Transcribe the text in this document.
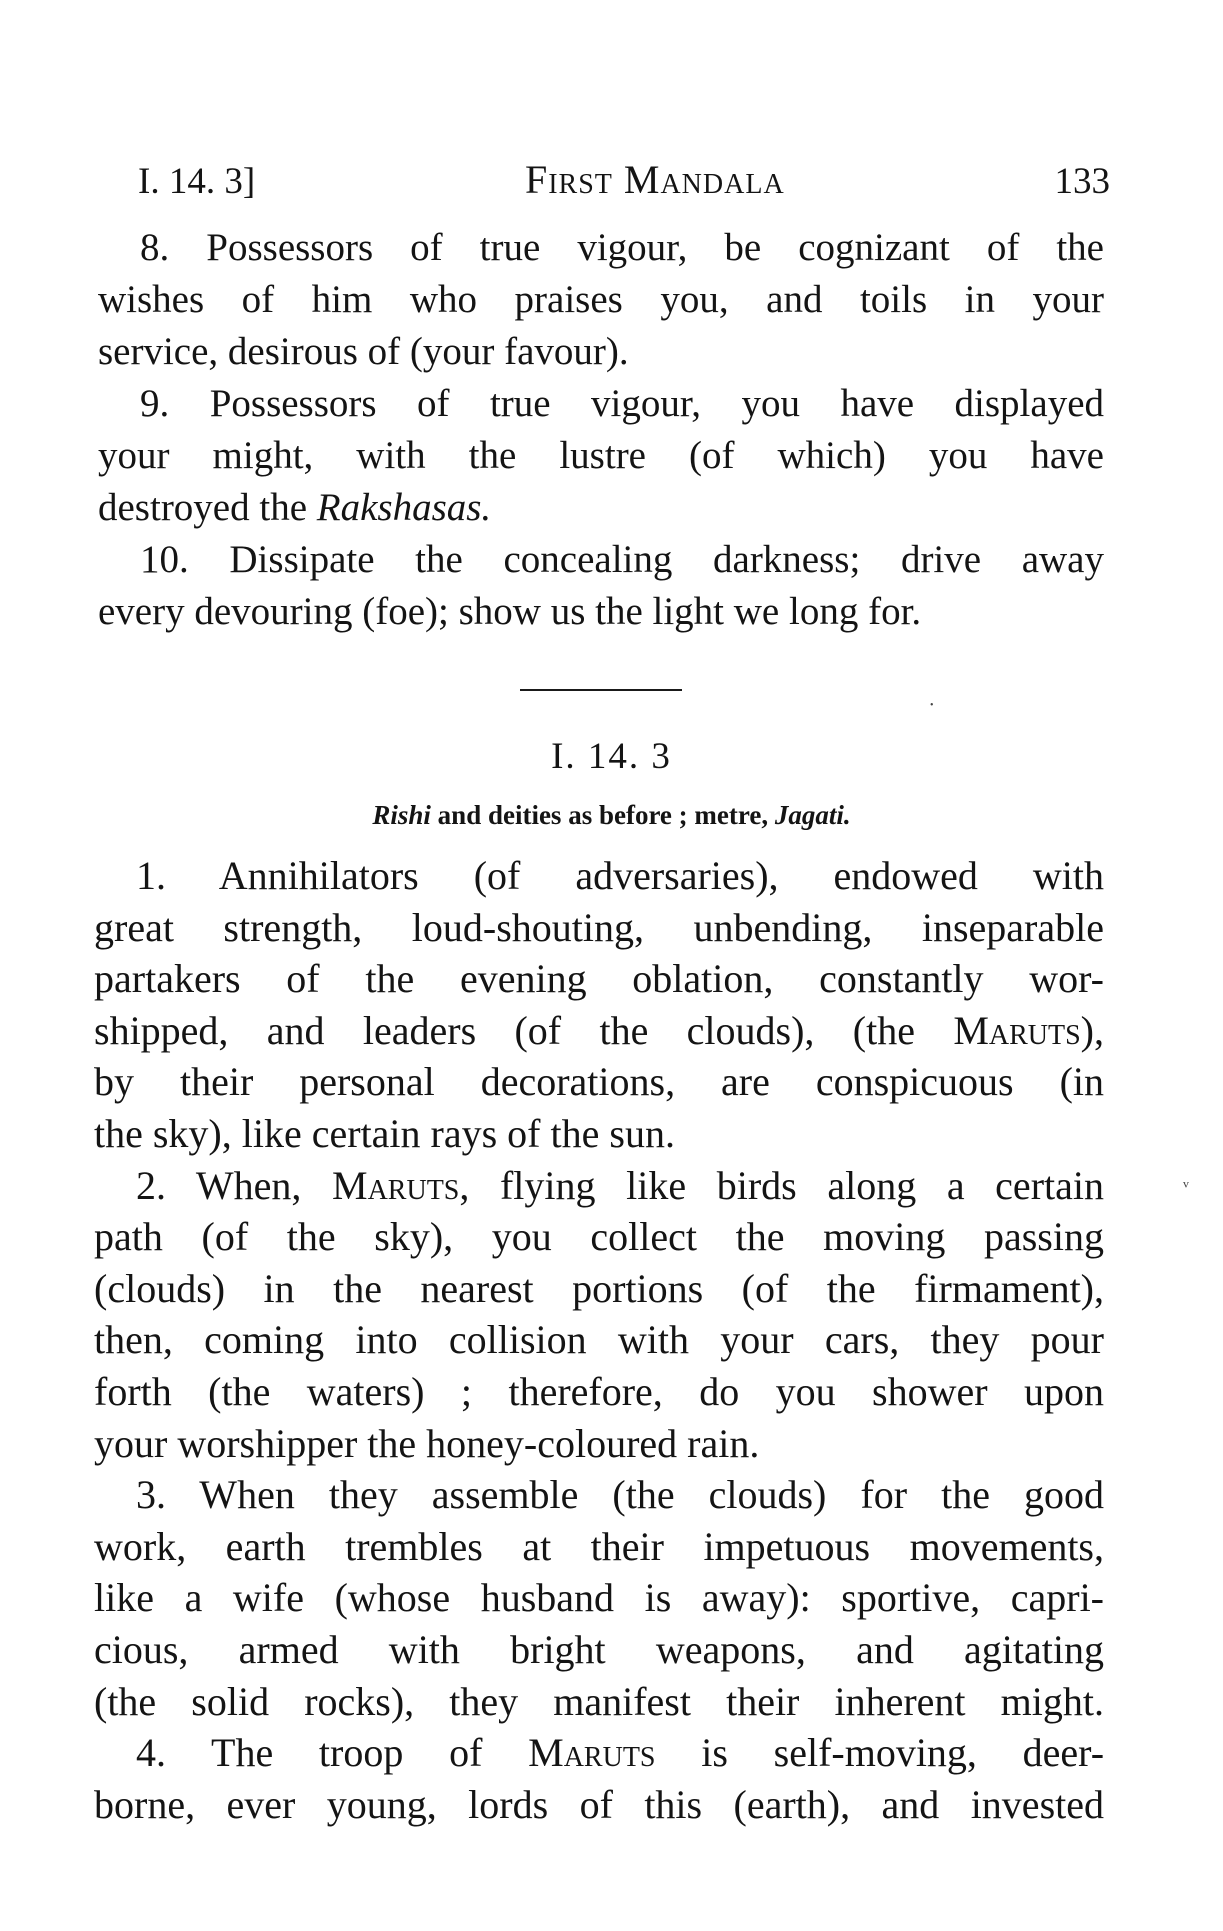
I. 14. 3]	First Mandala	133
8. Possessors of true vigour, be cognizant of the
wishes of him who praises you, and toils in your
service, desirous of (your favour).
9. Possessors of true vigour, you have displayed
your might, with the lustre (of which) you have
destroyed the Rakshasas.
10. Dissipate the concealing darkness; drive away
every devouring (foe); show us the light we long for.
I. 14. 3
Rishi and deities as before ; metre, Jagati.
1. Annihilators (of adversaries), endowed with
great strength, loud-shouting, unbending, inseparable
partakers of the evening oblation, constantly wor-
shipped, and leaders (of the clouds), (the Maruts),
by their personal decorations, are conspicuous (in
the sky), like certain rays of the sun.
2. When, Maruts, flying like birds along a certain
path (of the sky), you collect the moving passing
(clouds) in the nearest portions (of the firmament),
then, coming into collision with your cars, they pour
forth (the waters) ; therefore, do you shower upon
your worshipper the honey-coloured rain.
3. When they assemble (the clouds) for the good
work, earth trembles at their impetuous movements,
like a wife (whose husband is away): sportive, capri-
cious, armed with bright weapons, and agitating
(the solid rocks), they manifest their inherent might.
4. The troop of Maruts is self-moving, deer-
borne, ever young, lords of this (earth), and invested
ᵛ
•
